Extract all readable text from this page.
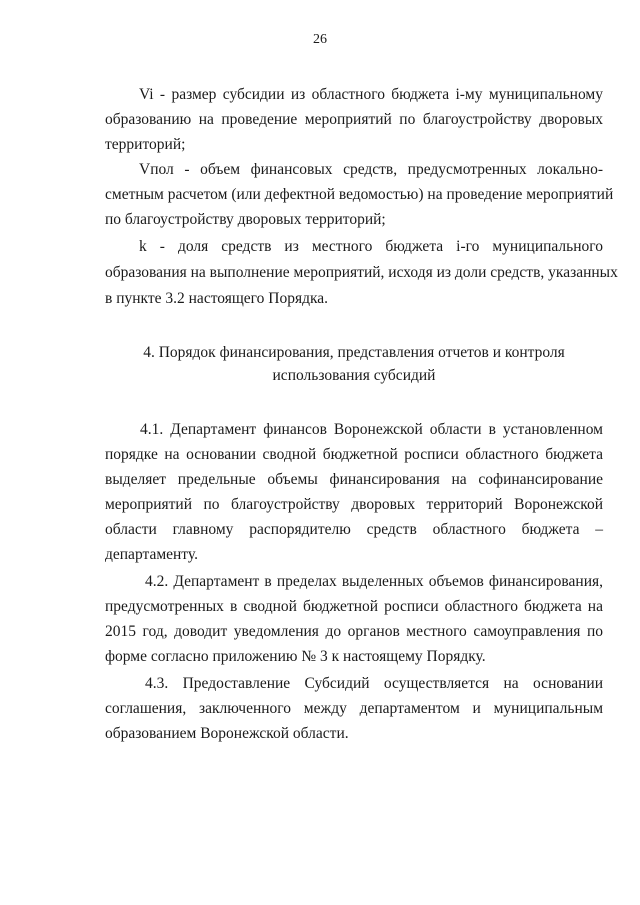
26
Vi - размер субсидии из областного бюджета i-му муниципальному
образованию на проведение мероприятий по благоустройству дворовых
территорий;
Vпол - объем финансовых средств, предусмотренных локально-
сметным расчетом (или дефектной ведомостью) на проведение мероприятий
по благоустройству дворовых территорий;
k - доля средств из местного бюджета i-го муниципального
образования на выполнение мероприятий, исходя из доли средств, указанных
в пункте 3.2 настоящего Порядка.
4. Порядок финансирования, представления отчетов и контроля
использования субсидий
4.1. Департамент финансов Воронежской области в установленном
порядке на основании сводной бюджетной росписи областного бюджета
выделяет предельные объемы финансирования на софинансирование
мероприятий по благоустройству дворовых территорий Воронежской
области главному распорядителю средств областного бюджета –
департаменту.
4.2. Департамент в пределах выделенных объемов финансирования,
предусмотренных в сводной бюджетной росписи областного бюджета на
2015 год, доводит уведомления до органов местного самоуправления по
форме согласно приложению № 3 к настоящему Порядку.
4.3. Предоставление Субсидий осуществляется на основании
соглашения, заключенного между департаментом и муниципальным
образованием Воронежской области.
